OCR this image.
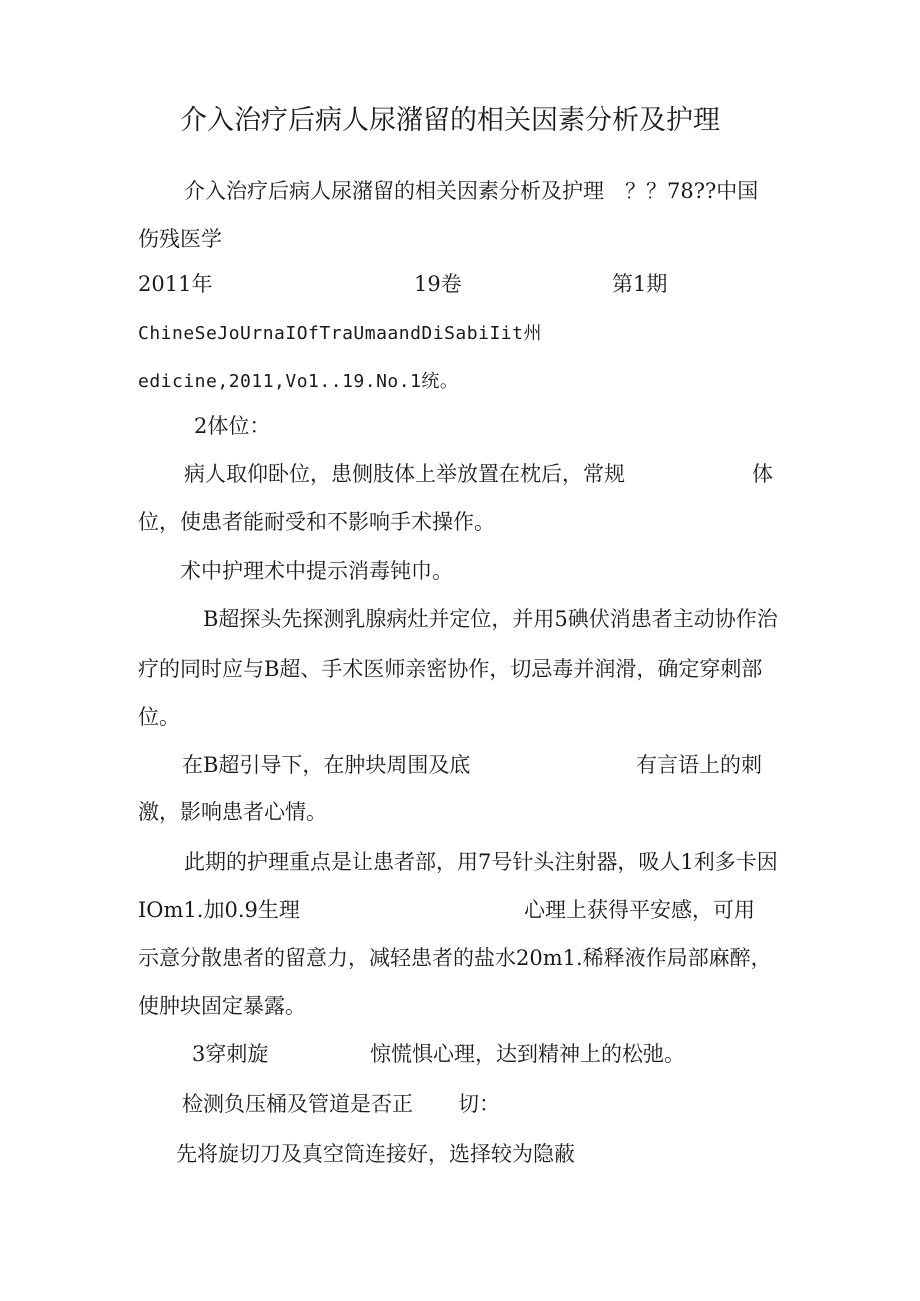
介入治疗后病人尿潴留的相关因素分析及护理
介入治疗后病人尿潴留的相关因素分析及护理　？？78??中国
伤残医学
2011年	19卷	第1期
ChineSeJoUrnaIOfTraUmaandDiSabiIit州
edicine,2011,Vo1..19.No.1统。
2体位：
病人取仰卧位，患侧肢体上举放置在枕后，常规	体
位，使患者能耐受和不影响手术操作。
术中护理术中提示消毒钝巾。
B超探头先探测乳腺病灶并定位，并用5碘伏消患者主动协作治
疗的同时应与B超、手术医师亲密协作，切忌毒并润滑，确定穿刺部
位。
在B超引导下，在肿块周围及底	有言语上的刺
激，影响患者心情。
此期的护理重点是让患者部，用7号针头注射器，吸人1利多卡因
IOm1.加0.9生理	心理上获得平安感，可用
示意分散患者的留意力，减轻患者的盐水20m1.稀释液作局部麻醉，
使肿块固定暴露。
3穿刺旋	惊慌惧心理，达到精神上的松弛。
检测负压桶及管道是否正 切：
先将旋切刀及真空筒连接好，选择较为隐蔽
